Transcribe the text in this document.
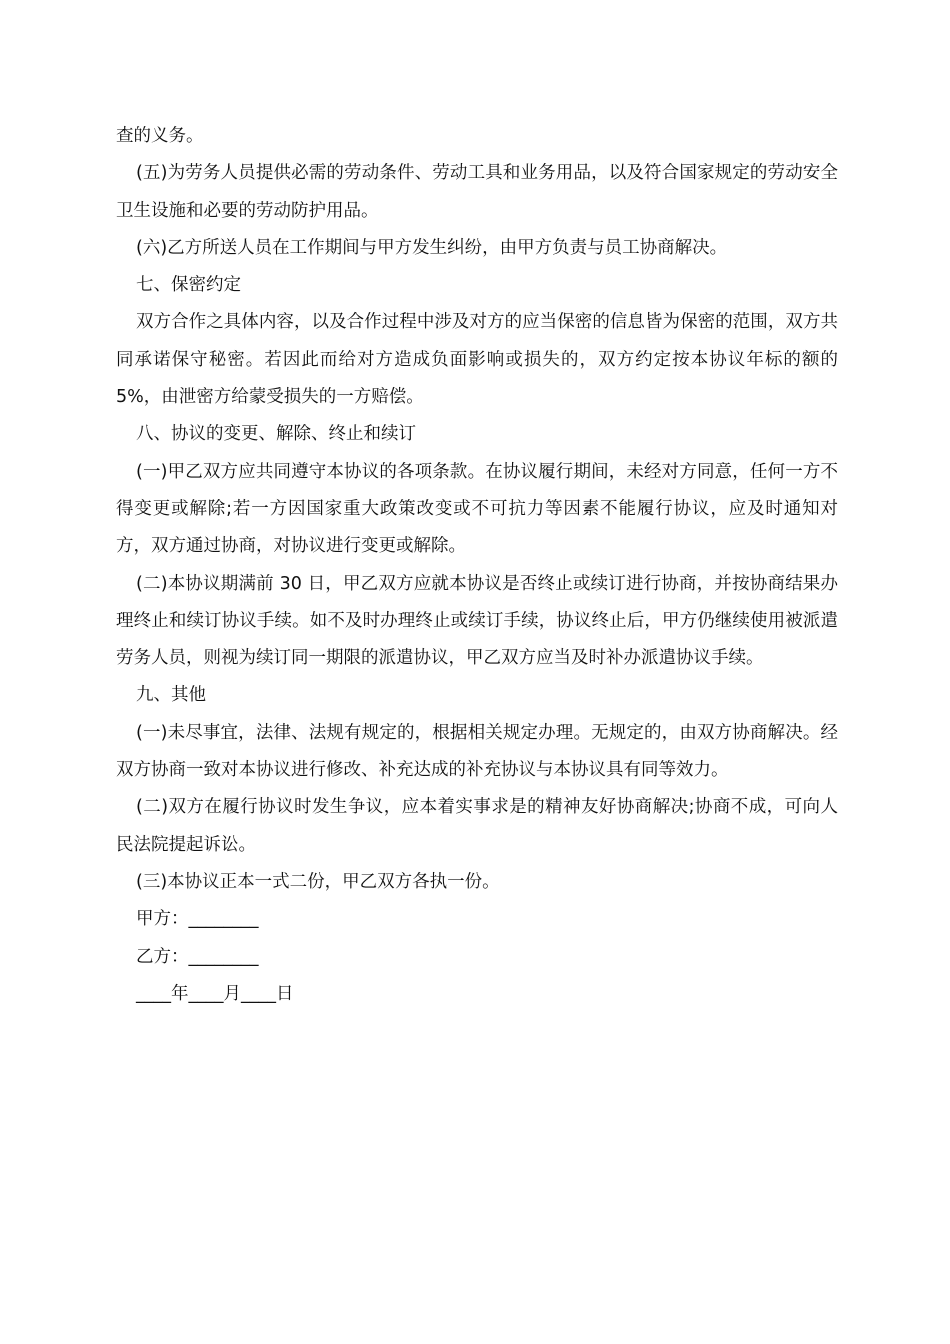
查的义务。

(五)为劳务人员提供必需的劳动条件、劳动工具和业务用品，以及符合国家规定的劳动安全卫生设施和必要的劳动防护用品。

(六)乙方所送人员在工作期间与甲方发生纠纷，由甲方负责与员工协商解决。

七、保密约定

双方合作之具体内容，以及合作过程中涉及对方的应当保密的信息皆为保密的范围，双方共同承诺保守秘密。若因此而给对方造成负面影响或损失的，双方约定按本协议年标的额的 5%，由泄密方给蒙受损失的一方赔偿。

八、协议的变更、解除、终止和续订

(一)甲乙双方应共同遵守本协议的各项条款。在协议履行期间，未经对方同意，任何一方不得变更或解除;若一方因国家重大政策改变或不可抗力等因素不能履行协议，应及时通知对方，双方通过协商，对协议进行变更或解除。

(二)本协议期满前 30 日，甲乙双方应就本协议是否终止或续订进行协商，并按协商结果办理终止和续订协议手续。如不及时办理终止或续订手续，协议终止后，甲方仍继续使用被派遣劳务人员，则视为续订同一期限的派遣协议，甲乙双方应当及时补办派遣协议手续。

九、其他

(一)未尽事宜，法律、法规有规定的，根据相关规定办理。无规定的，由双方协商解决。经双方协商一致对本协议进行修改、补充达成的补充协议与本协议具有同等效力。

(二)双方在履行协议时发生争议，应本着实事求是的精神友好协商解决;协商不成，可向人民法院提起诉讼。

(三)本协议正本一式二份，甲乙双方各执一份。

甲方：________

乙方：________

____年____月____日
